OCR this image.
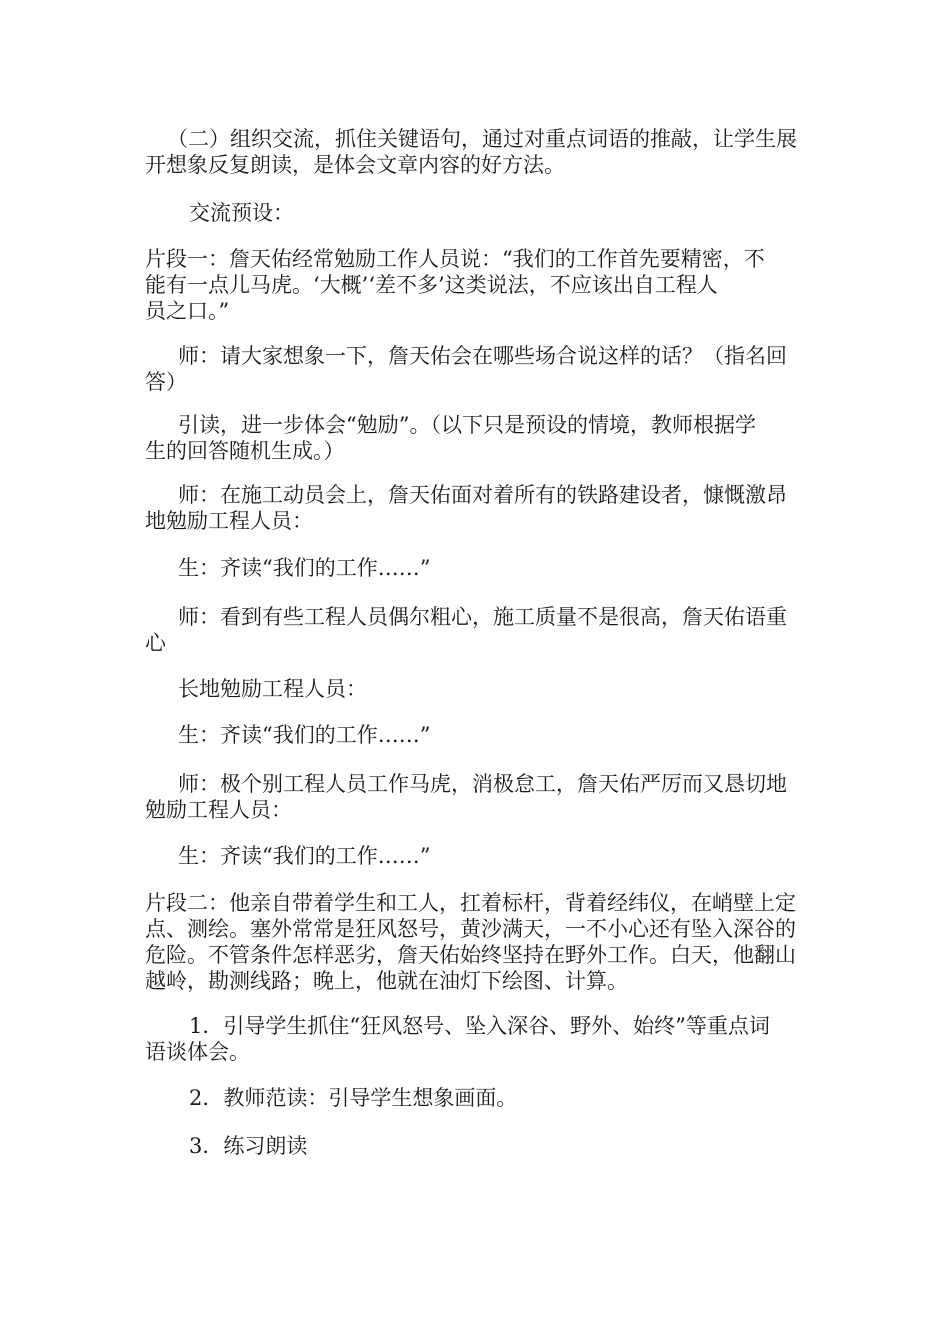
（二）组织交流，抓住关键语句，通过对重点词语的推敲，让学生展
开想象反复朗读，是体会文章内容的好方法。
交流预设：
片段一：詹天佑经常勉励工作人员说：“我们的工作首先要精密，不
能有一点儿马虎。‘大概’‘差不多’这类说法，不应该出自工程人
员之口。”
师：请大家想象一下，詹天佑会在哪些场合说这样的话？（指名回
答）
引读，进一步体会“勉励”。（以下只是预设的情境，教师根据学
生的回答随机生成。）
师：在施工动员会上，詹天佑面对着所有的铁路建设者，慷慨激昂
地勉励工程人员：
生：齐读“我们的工作……”
师：看到有些工程人员偶尔粗心，施工质量不是很高，詹天佑语重
心
长地勉励工程人员：
生：齐读“我们的工作……”
师：极个别工程人员工作马虎，消极怠工，詹天佑严厉而又恳切地
勉励工程人员：
生：齐读“我们的工作……”
片段二：他亲自带着学生和工人，扛着标杆，背着经纬仪，在峭壁上定
点、测绘。塞外常常是狂风怒号，黄沙满天，一不小心还有坠入深谷的
危险。不管条件怎样恶劣，詹天佑始终坚持在野外工作。白天，他翻山
越岭，勘测线路；晚上，他就在油灯下绘图、计算。
1．引导学生抓住“狂风怒号、坠入深谷、野外、始终”等重点词
语谈体会。
2．教师范读：引导学生想象画面。
3．练习朗读
